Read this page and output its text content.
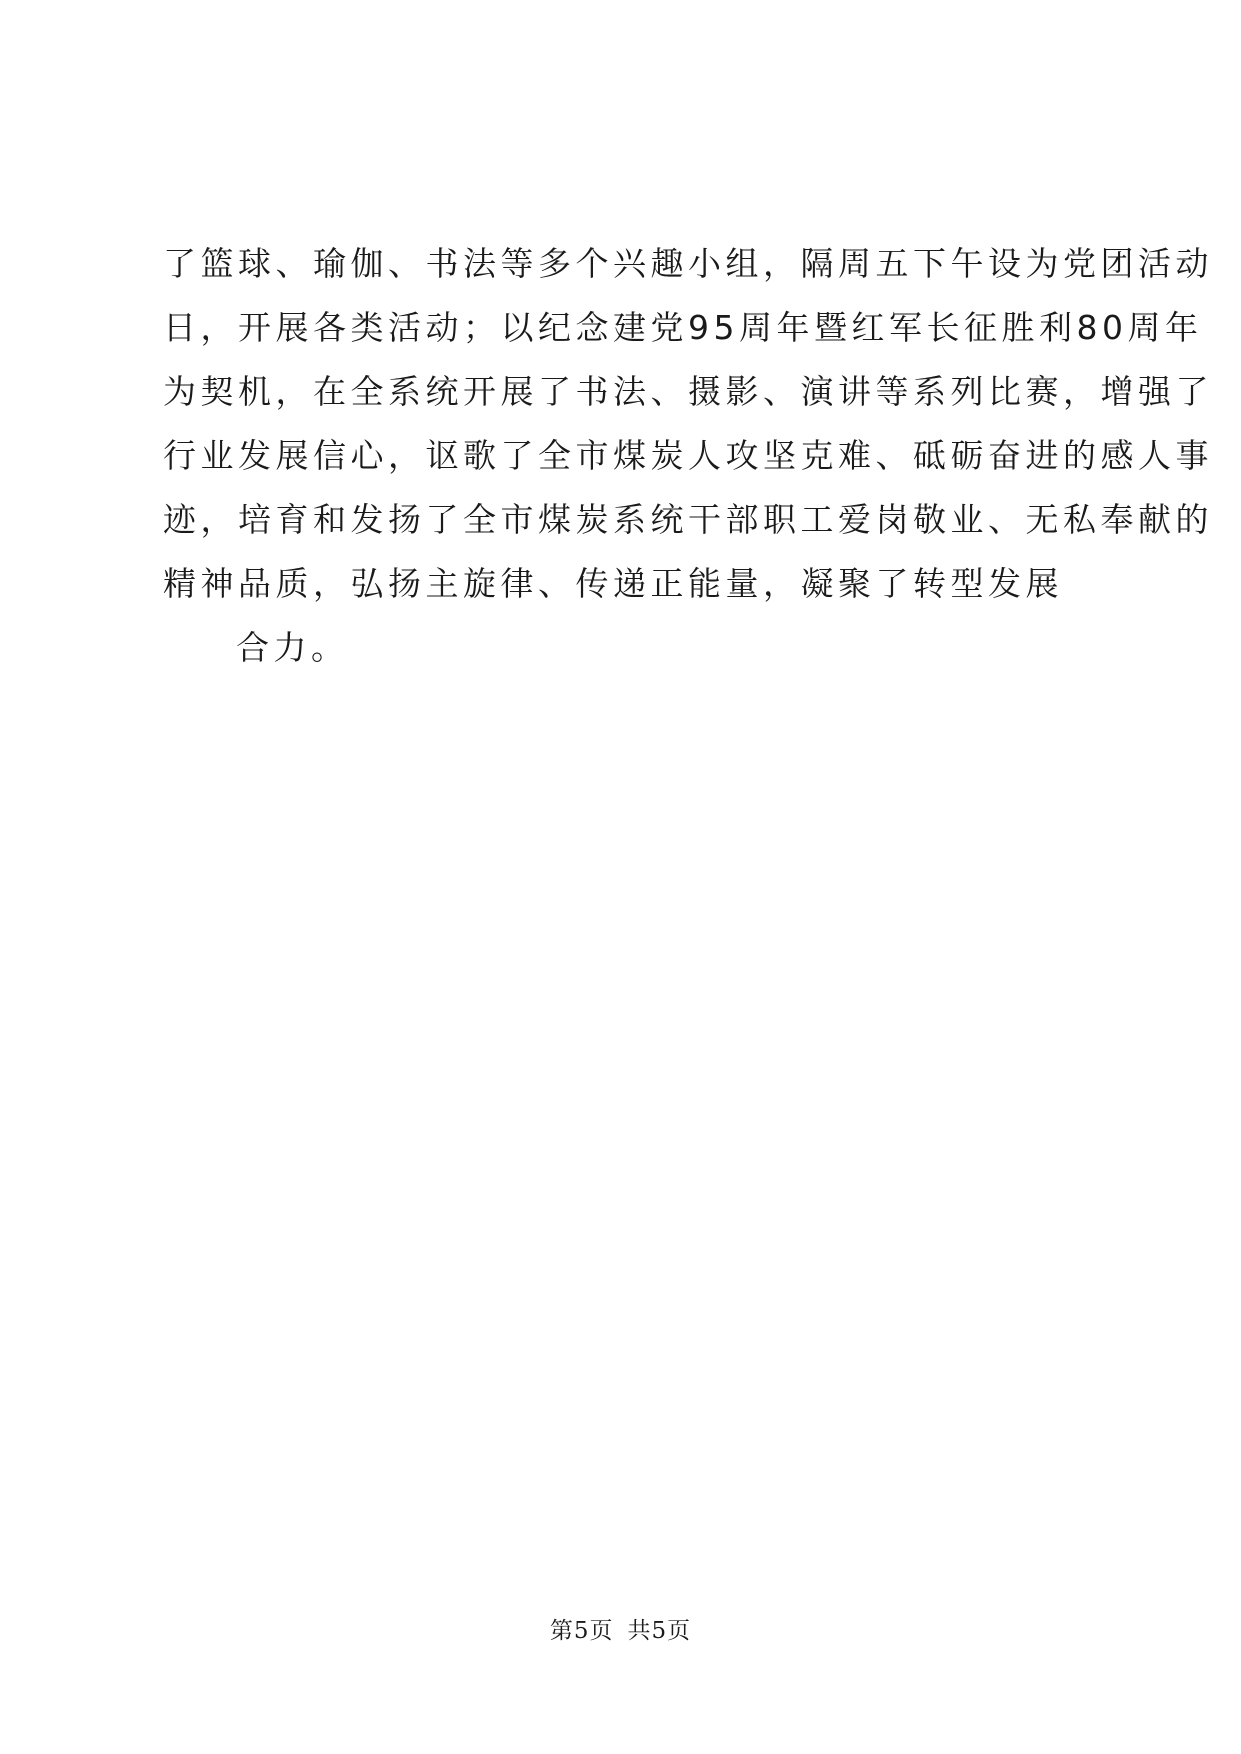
了篮球、瑜伽、书法等多个兴趣小组，隔周五下午设为党团活动
日，开展各类活动；以纪念建党95周年暨红军长征胜利80周年
为契机，在全系统开展了书法、摄影、演讲等系列比赛，增强了
行业发展信心，讴歌了全市煤炭人攻坚克难、砥砺奋进的感人事
迹，培育和发扬了全市煤炭系统干部职工爱岗敬业、无私奉献的
精神品质，弘扬主旋律、传递正能量，凝聚了转型发展
合力。
第5页 共5页
